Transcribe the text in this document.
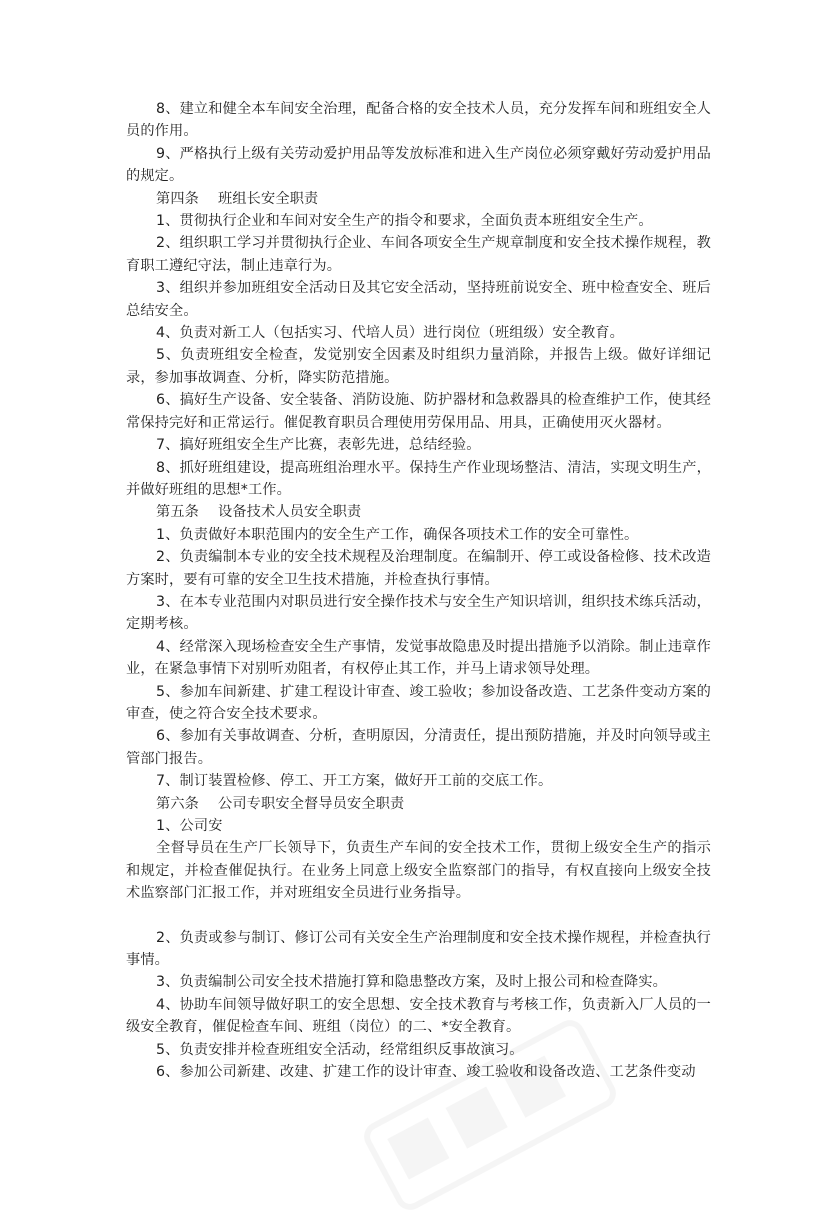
8、建立和健全本车间安全治理，配备合格的安全技术人员，充分发挥车间和班组安全人员的作用。

9、严格执行上级有关劳动爱护用品等发放标准和进入生产岗位必须穿戴好劳动爱护用品的规定。

第四条　 班组长安全职责

1、贯彻执行企业和车间对安全生产的指令和要求，全面负责本班组安全生产。

2、组织职工学习并贯彻执行企业、车间各项安全生产规章制度和安全技术操作规程，教育职工遵纪守法，制止违章行为。

3、组织并参加班组安全活动日及其它安全活动，坚持班前说安全、班中检查安全、班后总结安全。

4、负责对新工人（包括实习、代培人员）进行岗位（班组级）安全教育。

5、负责班组安全检查，发觉别安全因素及时组织力量消除，并报告上级。做好详细记录，参加事故调查、分析，降实防范措施。

6、搞好生产设备、安全装备、消防设施、防护器材和急救器具的检查维护工作，使其经常保持完好和正常运行。催促教育职员合理使用劳保用品、用具，正确使用灭火器材。

7、搞好班组安全生产比赛，表彰先进，总结经验。

8、抓好班组建设，提高班组治理水平。保持生产作业现场整洁、清洁，实现文明生产，并做好班组的思想*工作。

第五条　 设备技术人员安全职责

1、负责做好本职范围内的安全生产工作，确保各项技术工作的安全可靠性。

2、负责编制本专业的安全技术规程及治理制度。在编制开、停工或设备检修、技术改造方案时，要有可靠的安全卫生技术措施，并检查执行事情。

3、在本专业范围内对职员进行安全操作技术与安全生产知识培训，组织技术练兵活动，定期考核。

4、经常深入现场检查安全生产事情，发觉事故隐患及时提出措施予以消除。制止违章作业，在紧急事情下对别听劝阻者，有权停止其工作，并马上请求领导处理。

5、参加车间新建、扩建工程设计审查、竣工验收；参加设备改造、工艺条件变动方案的审查，使之符合安全技术要求。

6、参加有关事故调查、分析，查明原因，分清责任，提出预防措施，并及时向领导或主管部门报告。

7、制订装置检修、停工、开工方案，做好开工前的交底工作。

第六条　 公司专职安全督导员安全职责

1、公司安

全督导员在生产厂长领导下，负责生产车间的安全技术工作，贯彻上级安全生产的指示和规定，并检查催促执行。在业务上同意上级安全监察部门的指导，有权直接向上级安全技术监察部门汇报工作，并对班组安全员进行业务指导。

2、负责或参与制订、修订公司有关安全生产治理制度和安全技术操作规程，并检查执行事情。

3、负责编制公司安全技术措施打算和隐患整改方案，及时上报公司和检查降实。

4、协助车间领导做好职工的安全思想、安全技术教育与考核工作，负责新入厂人员的一级安全教育，催促检查车间、班组（岗位）的二、*安全教育。

5、负责安排并检查班组安全活动，经常组织反事故演习。

6、参加公司新建、改建、扩建工作的设计审查、竣工验收和设备改造、工艺条件变动
